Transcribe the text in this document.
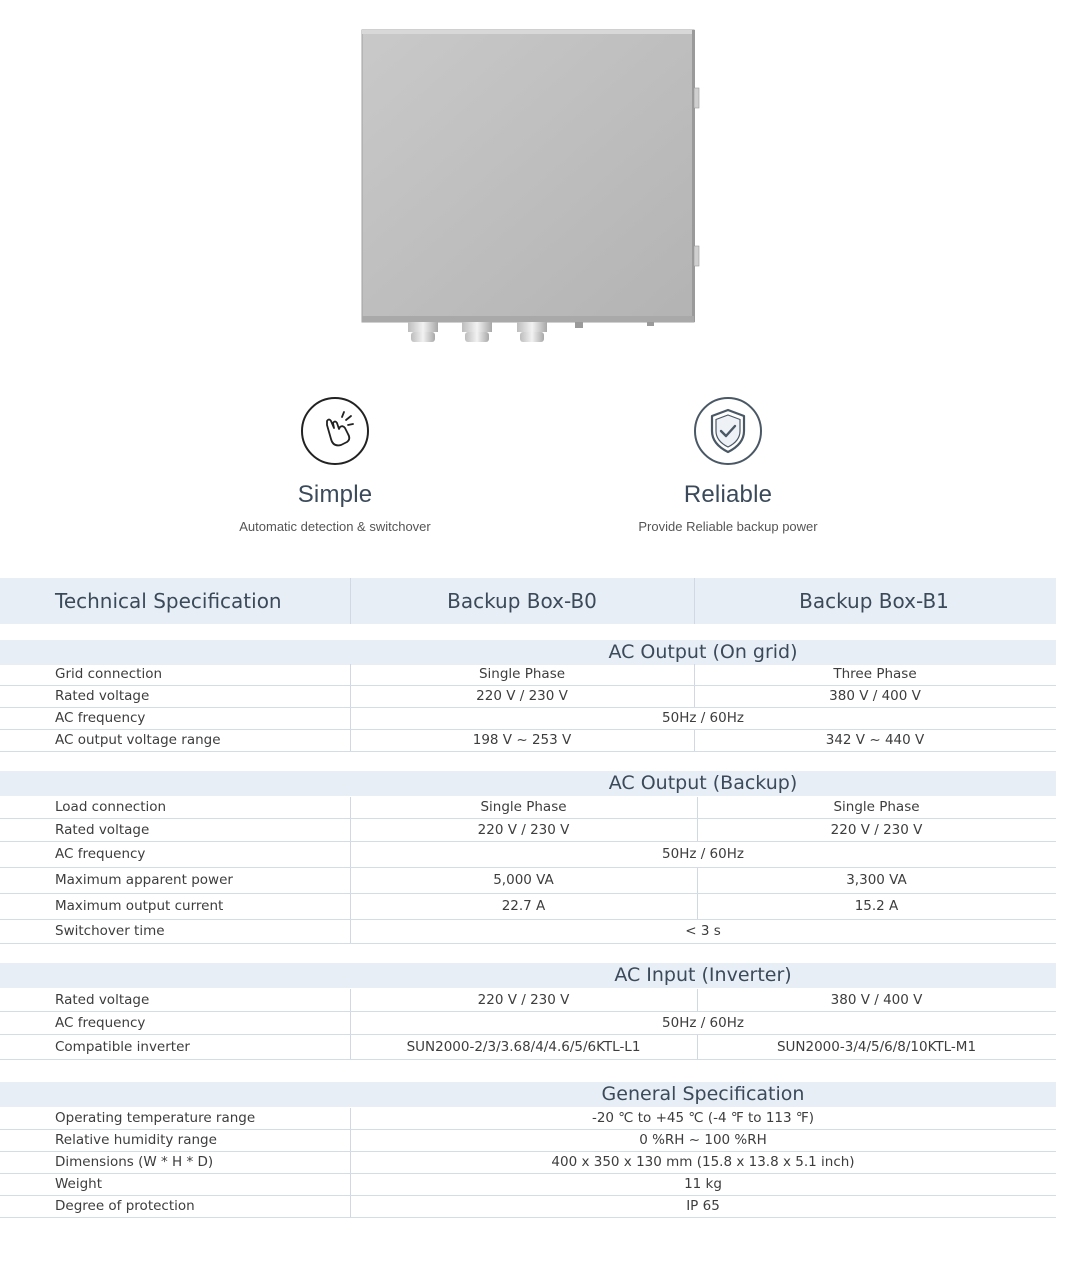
Simple
Automatic detection & switchover
Reliable
Provide Reliable backup power
Technical Specification	Backup Box-B0	Backup Box-B1
AC Output (On grid)
Grid connection	Single Phase	Three Phase
Rated voltage	220 V / 230 V	380 V / 400 V
AC frequency	50Hz / 60Hz
AC output voltage range	198 V ~ 253 V	342 V ~ 440 V
AC Output (Backup)
Load connection	Single Phase	Single Phase
Rated voltage	220 V / 230 V	220 V / 230 V
AC frequency	50Hz / 60Hz
Maximum apparent power	5,000 VA	3,300 VA
Maximum output current	22.7 A	15.2 A
Switchover time	< 3 s
AC Input (Inverter)
Rated voltage	220 V / 230 V	380 V / 400 V
AC frequency	50Hz / 60Hz
Compatible inverter	SUN2000-2/3/3.68/4/4.6/5/6KTL-L1	SUN2000-3/4/5/6/8/10KTL-M1
General Specification
Operating temperature range	-20 ℃ to +45 ℃ (-4 ℉ to 113 ℉)
Relative humidity range	0 %RH ~ 100 %RH
Dimensions (W * H * D)	400 x 350 x 130 mm (15.8 x 13.8 x 5.1 inch)
Weight	11 kg
Degree of protection	IP 65
